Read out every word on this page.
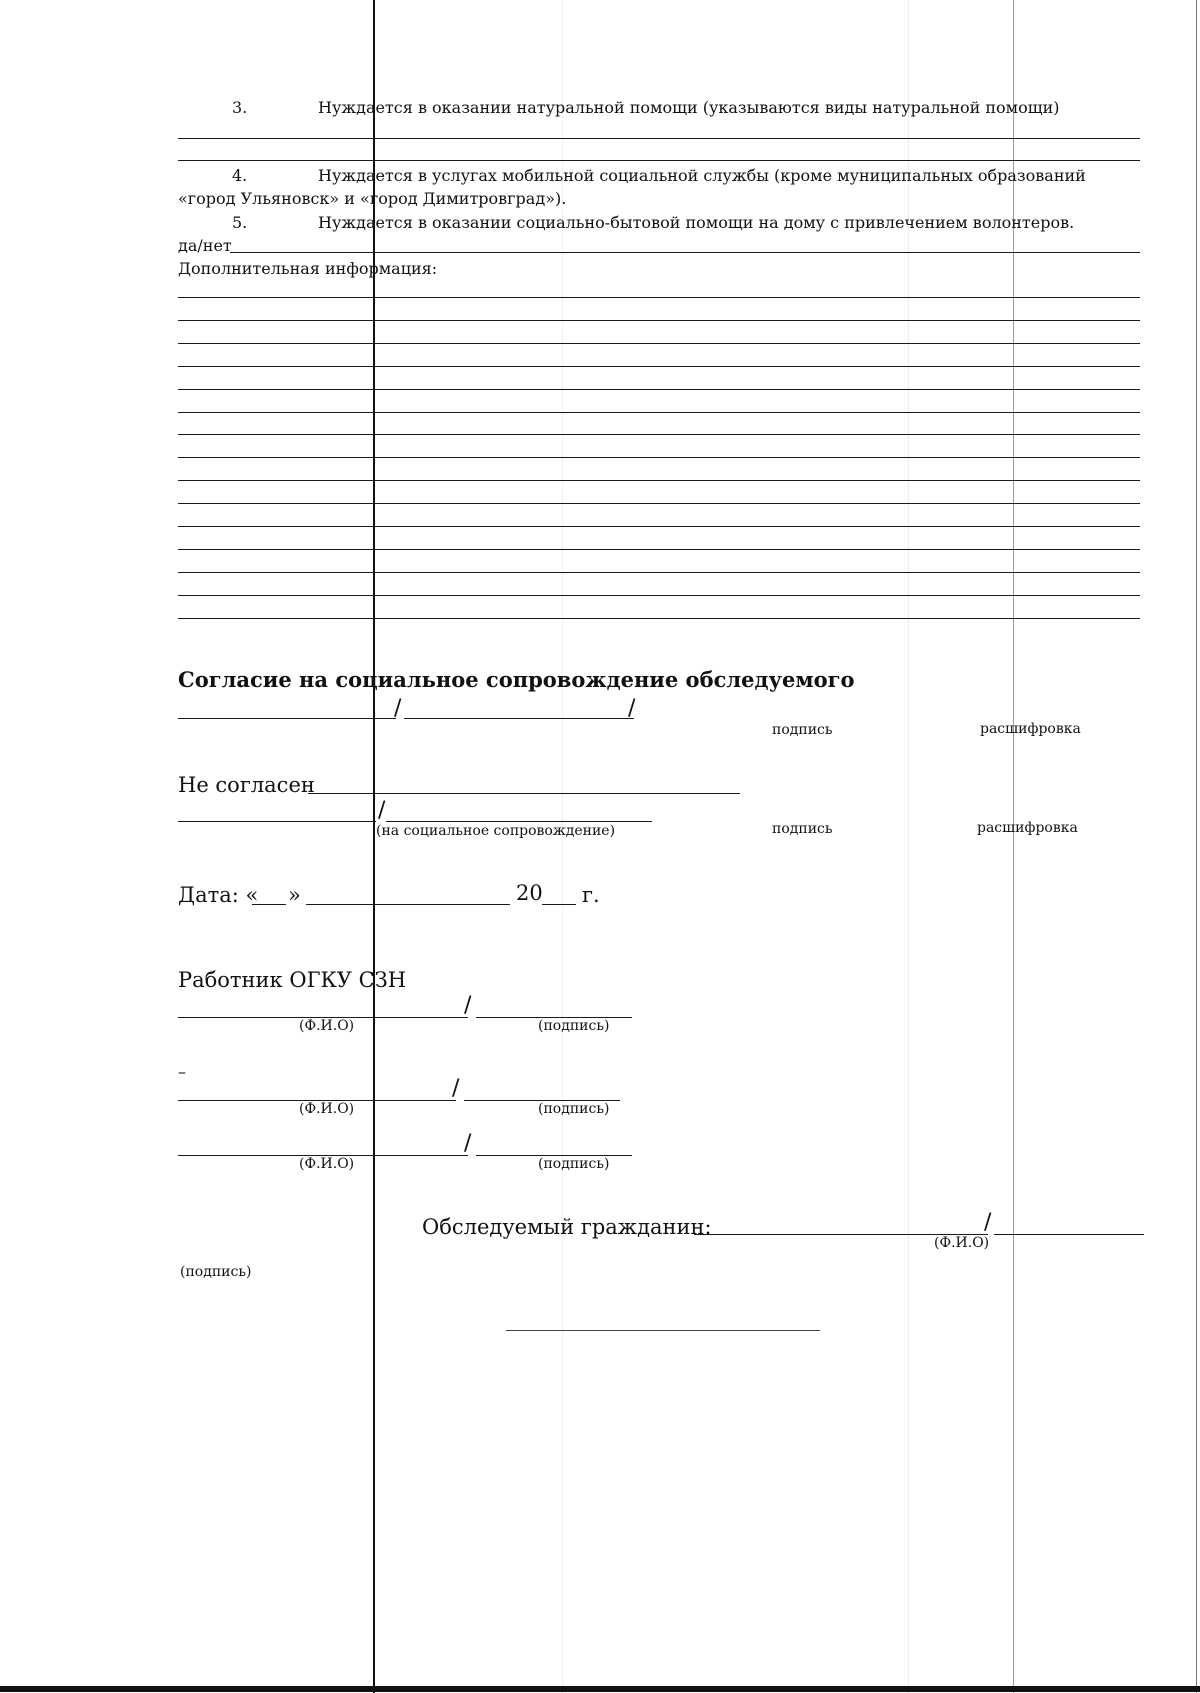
3.	Нуждается в оказании натуральной помощи (указываются виды натуральной помощи)
4.	Нуждается в услугах мобильной социальной службы (кроме муниципальных образований
«город Ульяновск» и «город Димитровград»).
5.	Нуждается в оказании социально-бытовой помощи на дому с привлечением волонтеров.
да/нет
Дополнительная информация:
Согласие на социальное сопровождение обследуемого
/	/
подпись	расшифровка
Не согласен
/
(на социальное сопровождение)	подпись	расшифровка
Дата: « »	20 г.
Работник ОГКУ СЗН
/
(Ф.И.О)	(подпись)
–
/
(Ф.И.О)	(подпись)
/
(Ф.И.О)	(подпись)
Обследуемый гражданин:	/
(Ф.И.О)
(подпись)
